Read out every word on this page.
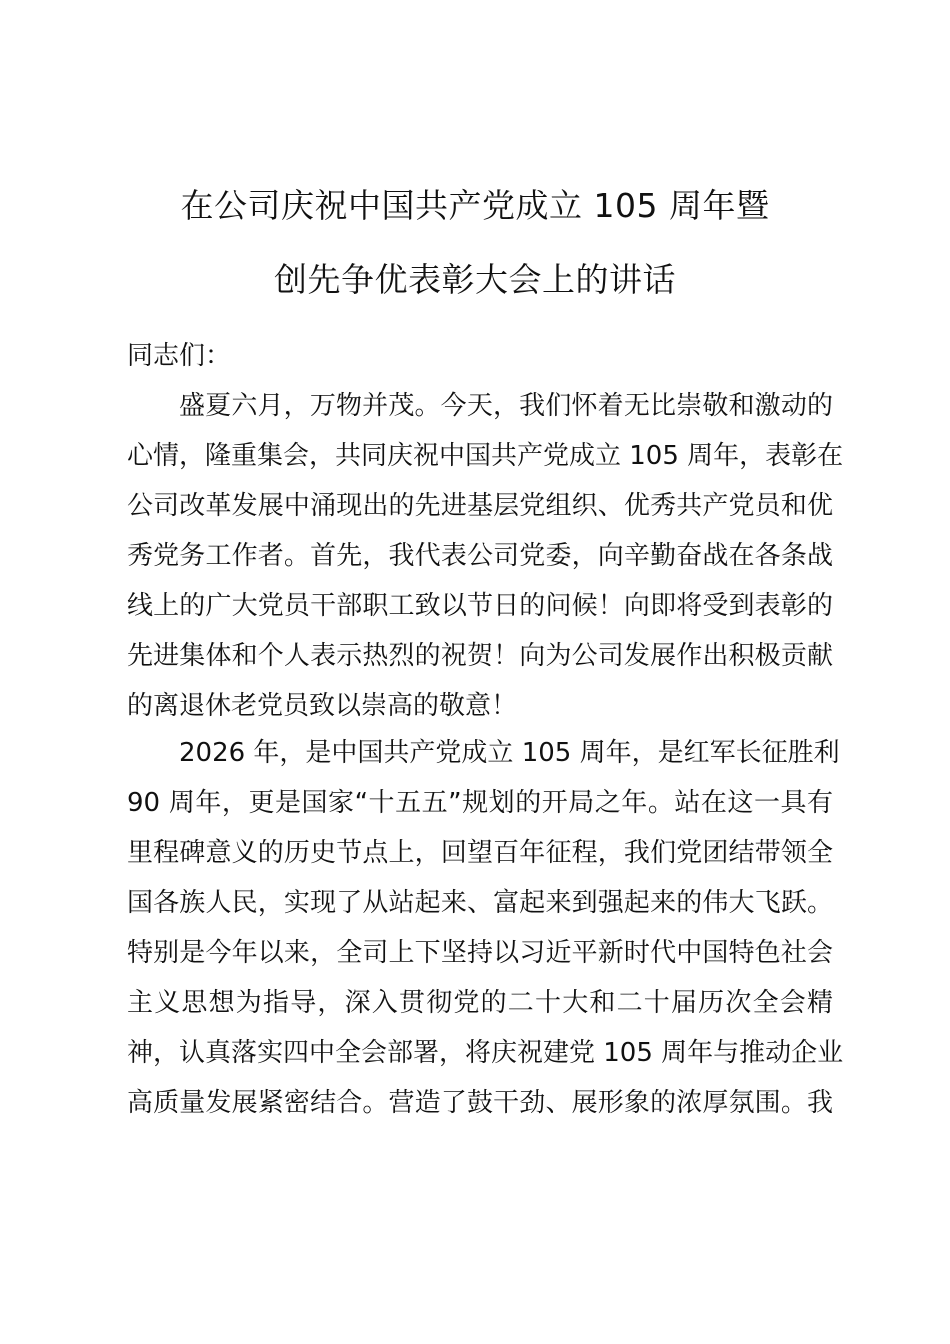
在公司庆祝中国共产党成立 105 周年暨
创先争优表彰大会上的讲话
同志们：
盛夏六月，万物并茂。今天，我们怀着无比崇敬和激动的
心情，隆重集会，共同庆祝中国共产党成立 105 周年，表彰在
公司改革发展中涌现出的先进基层党组织、优秀共产党员和优
秀党务工作者。首先，我代表公司党委，向辛勤奋战在各条战
线上的广大党员干部职工致以节日的问候！向即将受到表彰的
先进集体和个人表示热烈的祝贺！向为公司发展作出积极贡献
的离退休老党员致以崇高的敬意！
2026 年，是中国共产党成立 105 周年，是红军长征胜利
90 周年，更是国家“十五五”规划的开局之年。站在这一具有
里程碑意义的历史节点上，回望百年征程，我们党团结带领全
国各族人民，实现了从站起来、富起来到强起来的伟大飞跃。
特别是今年以来，全司上下坚持以习近平新时代中国特色社会
主义思想为指导，深入贯彻党的二十大和二十届历次全会精
神，认真落实四中全会部署，将庆祝建党 105 周年与推动企业
高质量发展紧密结合。营造了鼓干劲、展形象的浓厚氛围。我
